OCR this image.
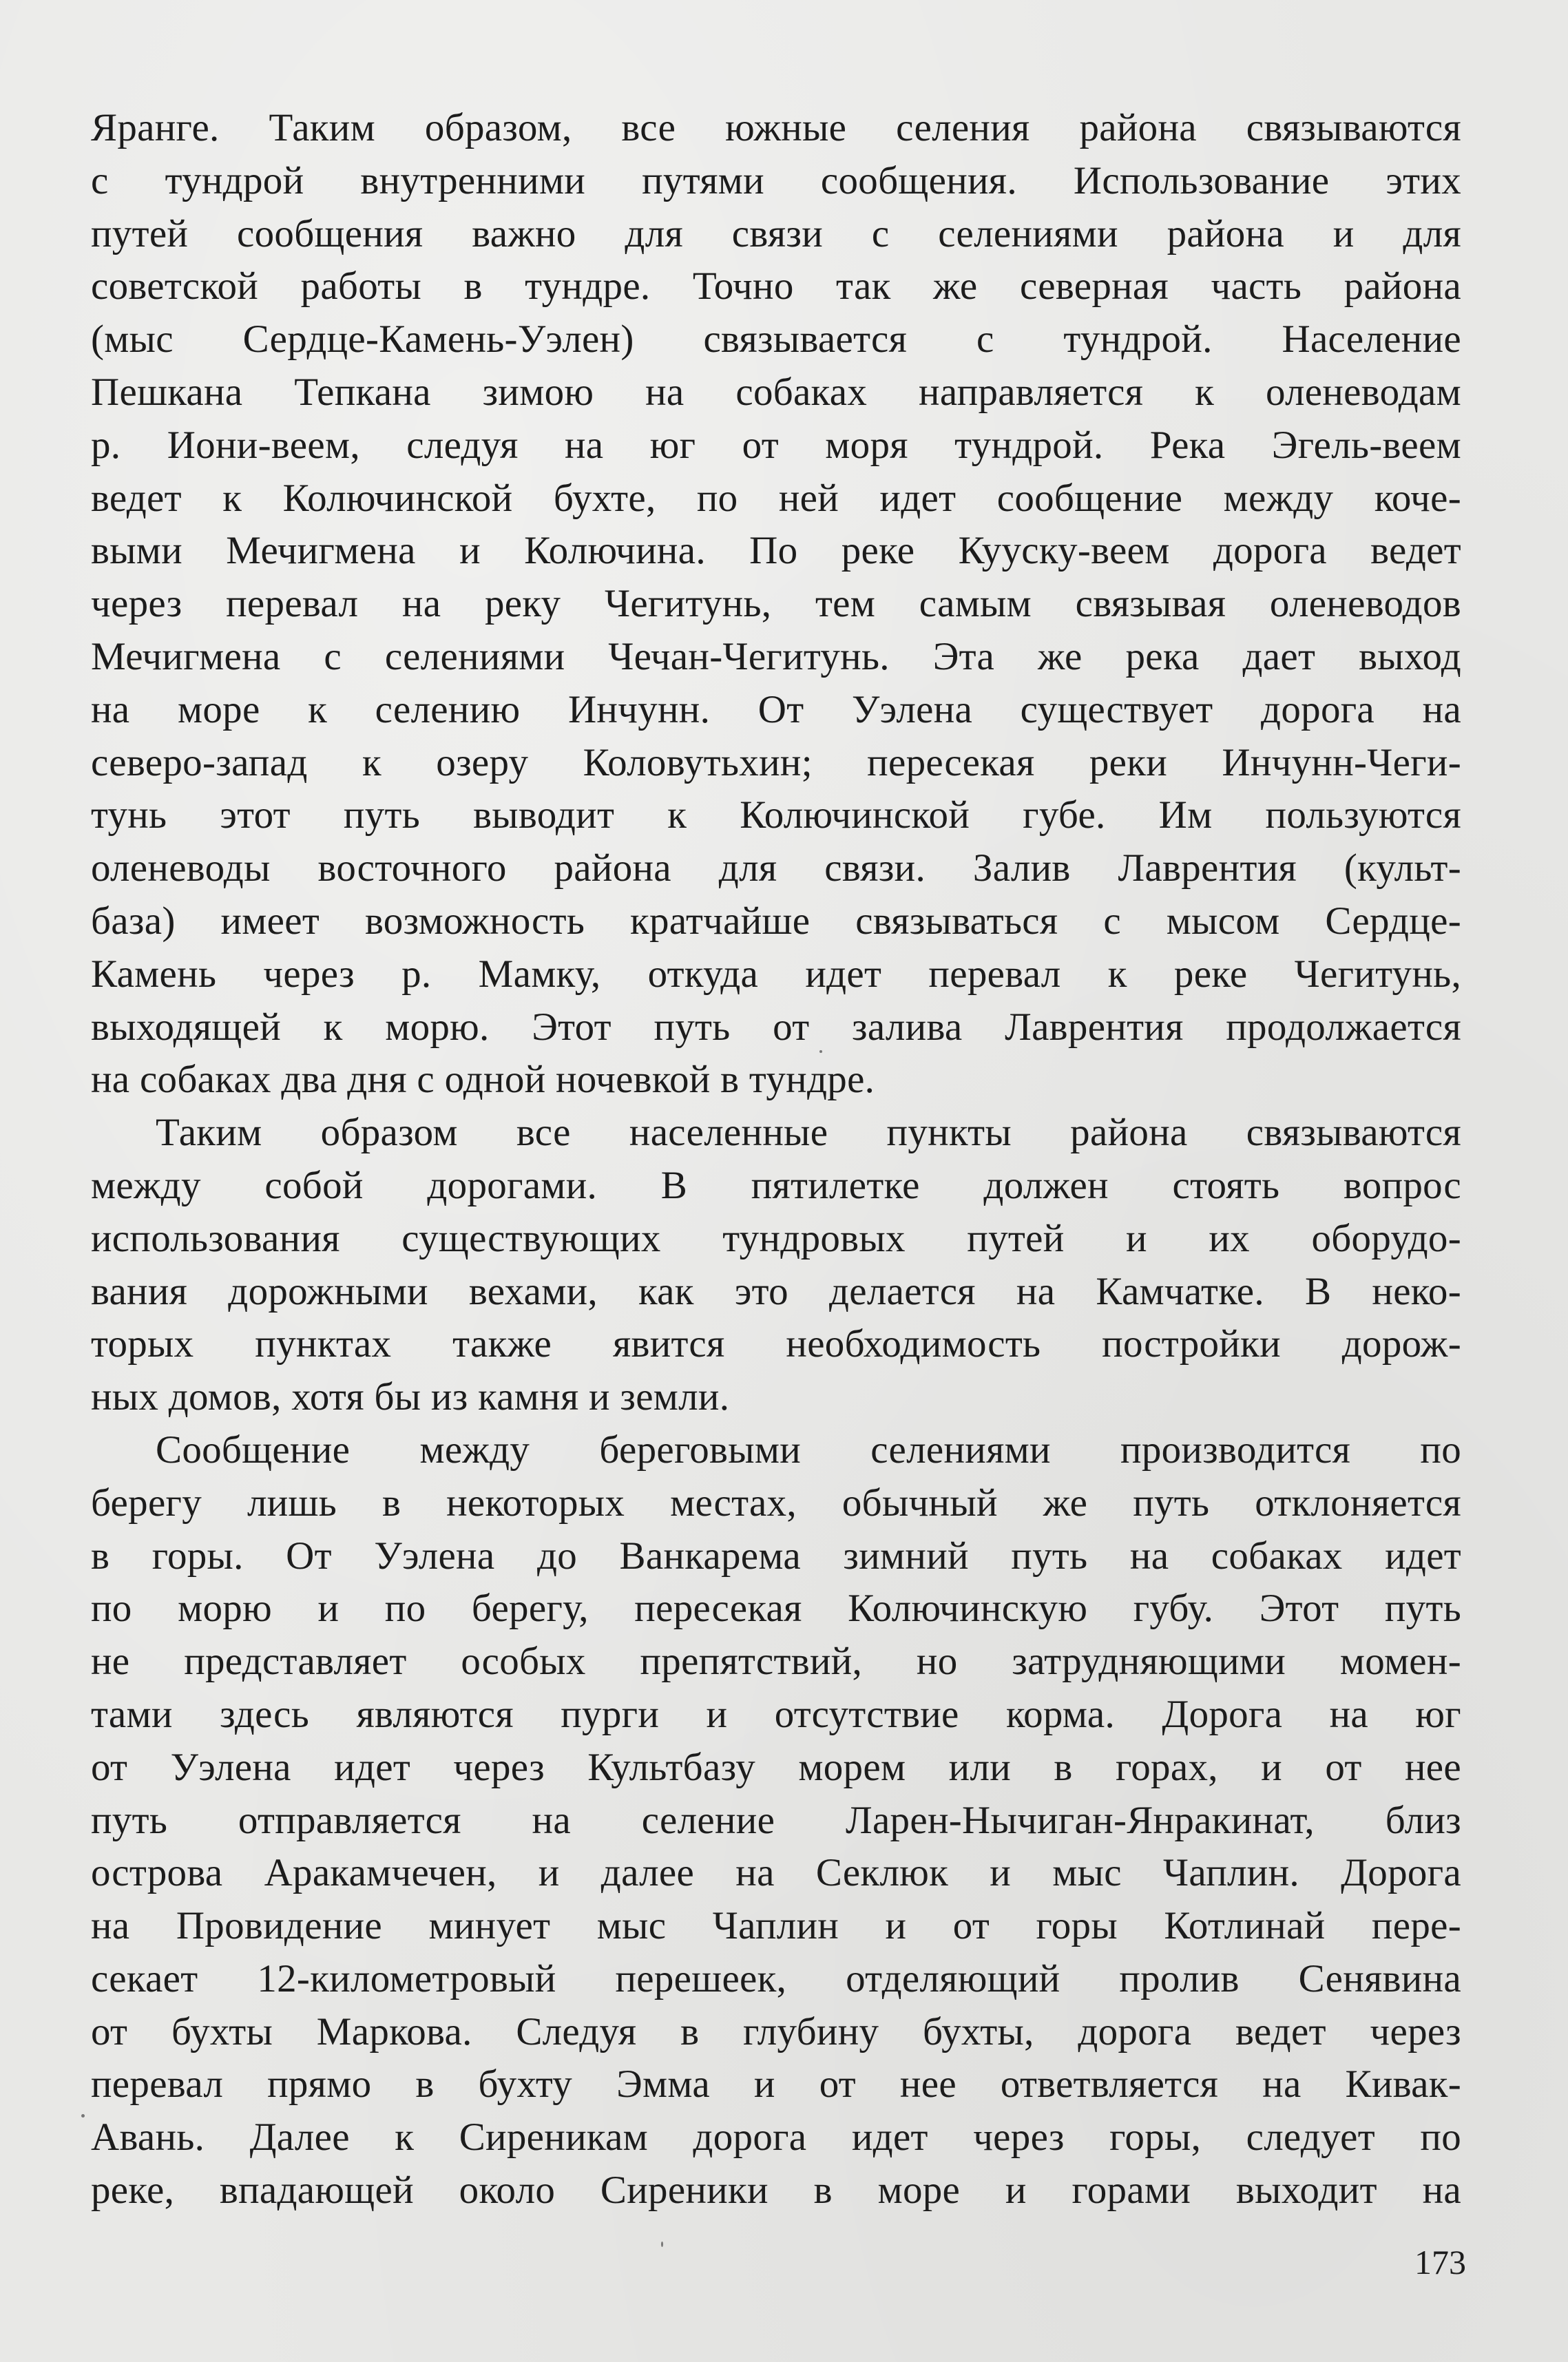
Яранге. Таким образом, все южные селения района связываются
с тундрой внутренними путями сообщения. Использование этих
путей сообщения важно для связи с селениями района и для
советской работы в тундре. Точно так же северная часть района
(мыс Сердце-Камень-Уэлен) связывается с тундрой. Население
Пешкана Тепкана зимою на собаках направляется к оленеводам
р. Иони-веем, следуя на юг от моря тундрой. Река Эгель-веем
ведет к Колючинской бухте, по ней идет сообщение между коче-
выми Мечигмена и Колючина. По реке Кууску-веем дорога ведет
через перевал на реку Чегитунь, тем самым связывая оленеводов
Мечигмена с селениями Чечан-Чегитунь. Эта же река дает выход
на море к селению Инчунн. От Уэлена существует дорога на
северо-запад к озеру Коловутьхин; пересекая реки Инчунн-Чеги-
тунь этот путь выводит к Колючинской губе. Им пользуются
оленеводы восточного района для связи. Залив Лаврентия (культ-
база) имеет возможность кратчайше связываться с мысом Сердце-
Камень через р. Мамку, откуда идет перевал к реке Чегитунь,
выходящей к морю. Этот путь от залива Лаврентия продолжается
на собаках два дня с одной ночевкой в тундре.
Таким образом все населенные пункты района связываются
между собой дорогами. В пятилетке должен стоять вопрос
использования существующих тундровых путей и их оборудо-
вания дорожными вехами, как это делается на Камчатке. В неко-
торых пунктах также явится необходимость постройки дорож-
ных домов, хотя бы из камня и земли.
Сообщение между береговыми селениями производится по
берегу лишь в некоторых местах, обычный же путь отклоняется
в горы. От Уэлена до Ванкарема зимний путь на собаках идет
по морю и по берегу, пересекая Колючинскую губу. Этот путь
не представляет особых препятствий, но затрудняющими момен-
тами здесь являются пурги и отсутствие корма. Дорога на юг
от Уэлена идет через Культбазу морем или в горах, и от нее
путь отправляется на селение Ларен-Нычиган-Янракинат, близ
острова Аракамчечен, и далее на Секлюк и мыс Чаплин. Дорога
на Провидение минует мыс Чаплин и от горы Котлинай пере-
секает 12-километровый перешеек, отделяющий пролив Сенявина
от бухты Маркова. Следуя в глубину бухты, дорога ведет через
перевал прямо в бухту Эмма и от нее ответвляется на Кивак-
Авань. Далее к Сиреникам дорога идет через горы, следует по
реке, впадающей около Сиреники в море и горами выходит на
173
